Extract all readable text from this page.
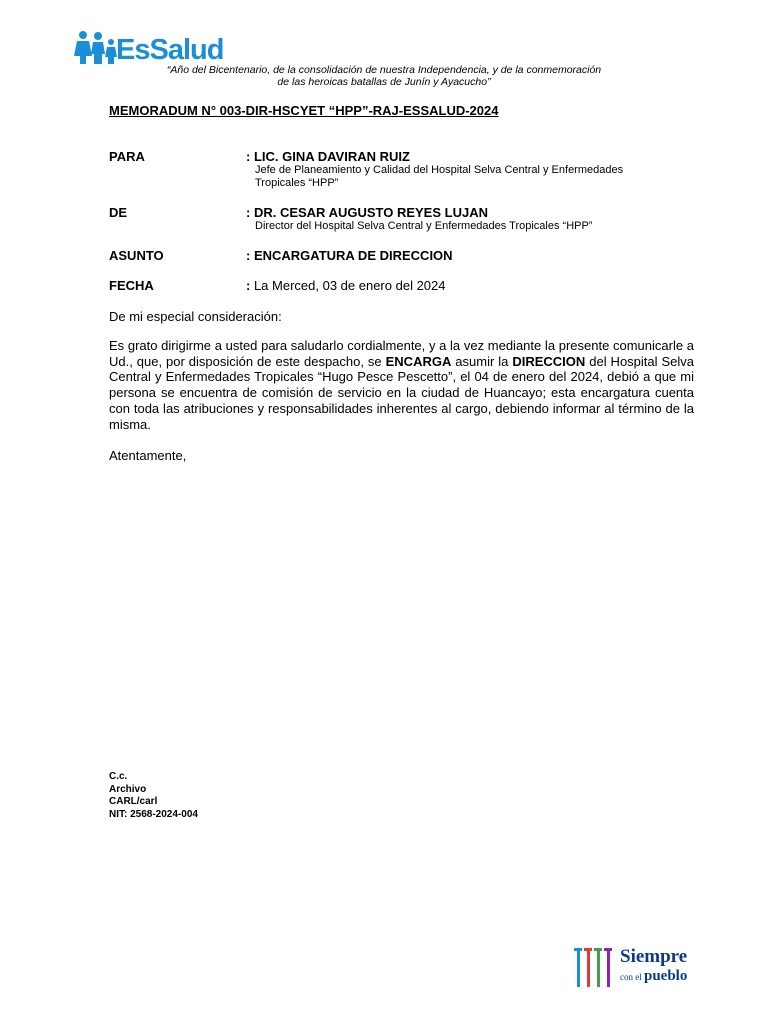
EsSalud
“Año del Bicentenario, de la consolidación de nuestra Independencia, y de la conmemoración
de las heroicas batallas de Junín y Ayacucho”
MEMORADUM N° 003-DIR-HSCYET “HPP”-RAJ-ESSALUD-2024
PARA	: LIC. GINA DAVIRAN RUIZ
Jefe de Planeamiento y Calidad del Hospital Selva Central y Enfermedades
Tropicales “HPP”
DE	: DR. CESAR AUGUSTO REYES LUJAN
Director del Hospital Selva Central y Enfermedades Tropicales “HPP”
ASUNTO	: ENCARGATURA DE DIRECCION
FECHA	: La Merced, 03 de enero del 2024
De mi especial consideración:

Es grato dirigirme a usted para saludarlo cordialmente, y a la vez mediante la presente comunicarle a Ud., que, por disposición de este despacho, se ENCARGA asumir la DIRECCION del Hospital Selva Central y Enfermedades Tropicales “Hugo Pesce Pescetto”, el 04 de enero del 2024, debió a que mi persona se encuentra de comisión de servicio en la ciudad de Huancayo; esta encargatura cuenta con toda las atribuciones y responsabilidades inherentes al cargo, debiendo informar al término de la misma.

Atentamente,
C.c.
Archivo
CARL/carl
NIT: 2568-2024-004
Siempre
con el pueblo
